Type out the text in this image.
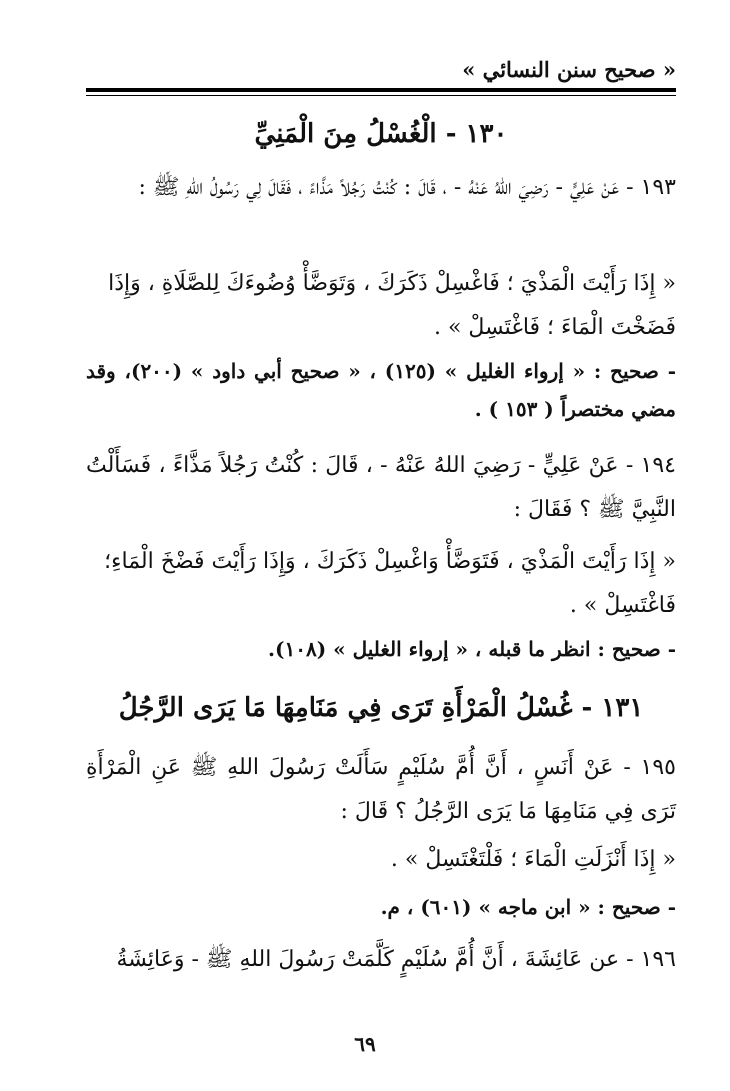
« صحيح سنن النسائي »
١٣٠ - الْغُسْلُ مِنَ الْمَنِيِّ

١٩٣ - عَنْ عَلِيٍّ - رَضِيَ اللهُ عَنْهُ - ، قَالَ : كُنْتُ رَجُلاً مَذَّاءً ، فَقَالَ لِي رَسُولُ اللهِ ﷺ :

« إِذَا رَأَيْتَ الْمَذْيَ ؛ فَاغْسِلْ ذَكَرَكَ ، وَتَوَضَّأْ وُضُوءَكَ لِلصَّلَاةِ ، وَإِذَا فَضَخْتَ الْمَاءَ ؛ فَاغْتَسِلْ » .

- صحيح : « إرواء الغليل » (١٢٥) ، « صحيح أبي داود » (٢٠٠)، وقد مضي مختصراً ( ١٥٣ ) .

١٩٤ - عَنْ عَلِيٍّ - رَضِيَ اللهُ عَنْهُ - ، قَالَ : كُنْتُ رَجُلاً مَذَّاءً ، فَسَأَلْتُ النَّبِيَّ ﷺ ؟ فَقَالَ :

« إِذَا رَأَيْتَ الْمَذْيَ ، فَتَوَضَّأْ وَاغْسِلْ ذَكَرَكَ ، وَإِذَا رَأَيْتَ فَضْخَ الْمَاءِ؛ فَاغْتَسِلْ » .

- صحيح : انظر ما قبله ، « إرواء الغليل » (١٠٨).

١٣١ - غُسْلُ الْمَرْأَةِ تَرَى فِي مَنَامِهَا مَا يَرَى الرَّجُلُ

١٩٥ - عَنْ أَنَسٍ ، أَنَّ أُمَّ سُلَيْمٍ سَأَلَتْ رَسُولَ اللهِ ﷺ عَنِ الْمَرْأَةِ تَرَى فِي مَنَامِهَا مَا يَرَى الرَّجُلُ ؟ قَالَ :

« إِذَا أَنْزَلَتِ الْمَاءَ ؛ فَلْتَغْتَسِلْ » .

- صحيح : « ابن ماجه » (٦٠١) ، م.

١٩٦ - عن عَائِشَةَ ، أَنَّ أُمَّ سُلَيْمٍ كَلَّمَتْ رَسُولَ اللهِ ﷺ - وَعَائِشَةُ

٦٩
